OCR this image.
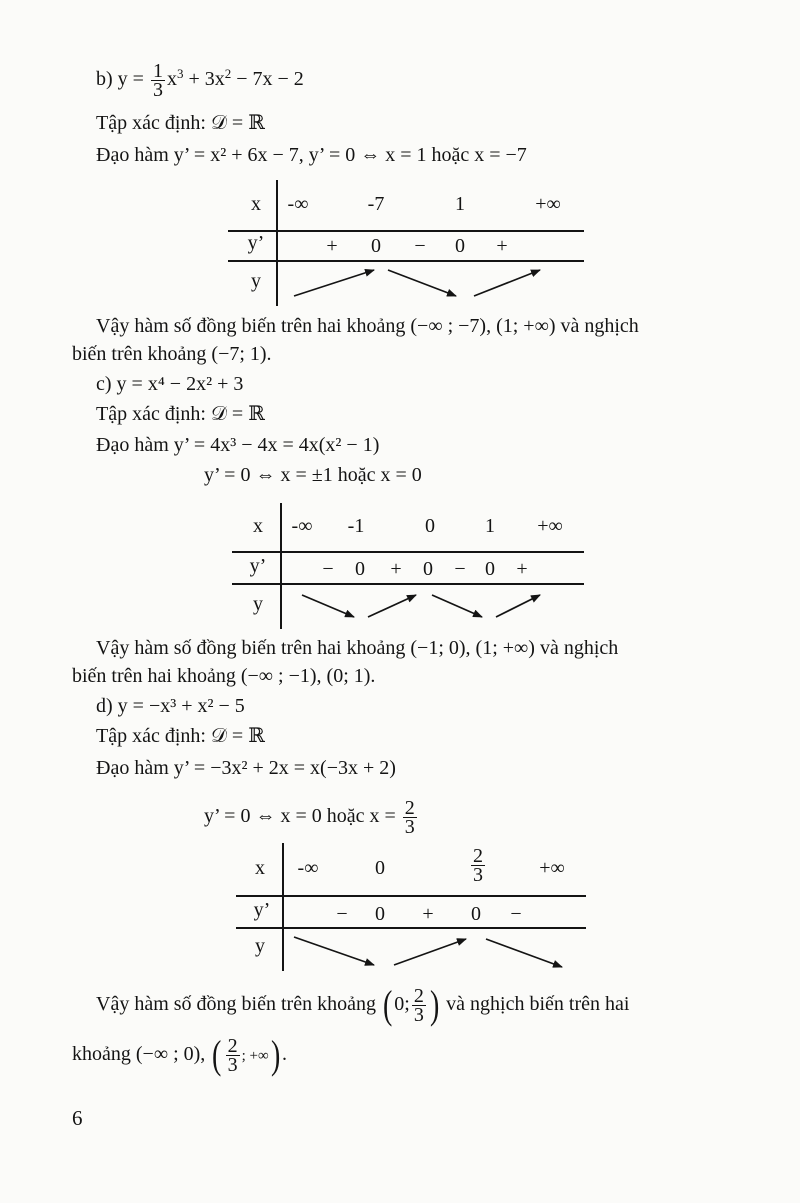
b) $y = \frac{1}{3} x^3 + 3x^2 - 7x - 2$
Tập xác định: 𝒟 = ℝ
Đạo hàm y’ = x² + 6x − 7, y’ = 0 ⇔ x = 1 hoặc x = −7
x	-∞	-7	1	+∞
y’	+ 0 − 0 +
y
Vậy hàm số đồng biến trên hai khoảng (−∞ ; −7), (1; +∞) và nghịch
biến trên khoảng (−7; 1).
c) y = x⁴ − 2x² + 3
Tập xác định: 𝒟 = ℝ
Đạo hàm y’ = 4x³ − 4x = 4x(x² − 1)
y’ = 0 ⇔ x = ±1 hoặc x = 0
x	-∞	-1	0	1	+∞
y’	− 0 + 0 − 0 +
y
Vậy hàm số đồng biến trên hai khoảng (−1; 0), (1; +∞) và nghịch
biến trên hai khoảng (−∞ ; −1), (0; 1).
d) y = −x³ + x² − 5
Tập xác định: 𝒟 = ℝ
Đạo hàm y’ = −3x² + 2x = x(−3x + 2)
y’ = 0 ⇔ x = 0 hoặc $x = \frac{2}{3}$
x	-∞	0	$\frac{2}{3}$	+∞
y’	− 0 + 0 −
y
Vậy hàm số đồng biến trên khoảng (0; $\frac{2}{3}$ ) và nghịch biến trên hai
khoảng (−∞ ; 0), ( $\frac{2}{3}$ ; +∞).
6
